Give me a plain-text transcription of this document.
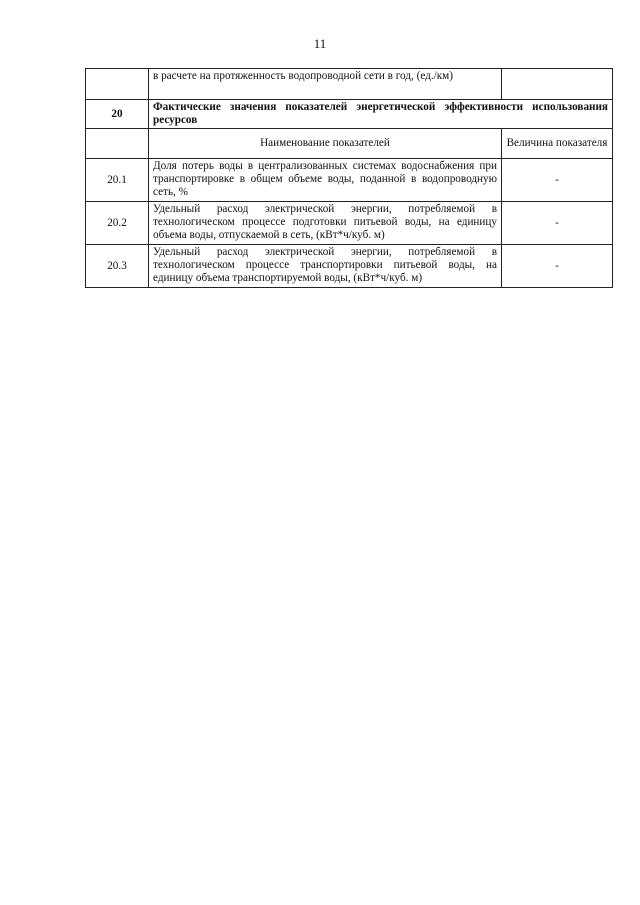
11
	в расчете на протяженность водопроводной сети в год, (ед./км)	
20	Фактические значения показателей энергетической эффективности использования ресурсов	
	Наименование показателей	Величина показателя
20.1	Доля потерь воды в централизованных системах водоснабжения при транспортировке в общем объеме воды, поданной в водопроводную сеть, %	-
20.2	Удельный расход электрической энергии, потребляемой в технологическом процессе подготовки питьевой воды, на единицу объема воды, отпускаемой в сеть, (кВт*ч/куб. м)	-
20.3	Удельный расход электрической энергии, потребляемой в технологическом процессе транспортировки питьевой воды, на единицу объема транспортируемой воды, (кВт*ч/куб. м)	-
